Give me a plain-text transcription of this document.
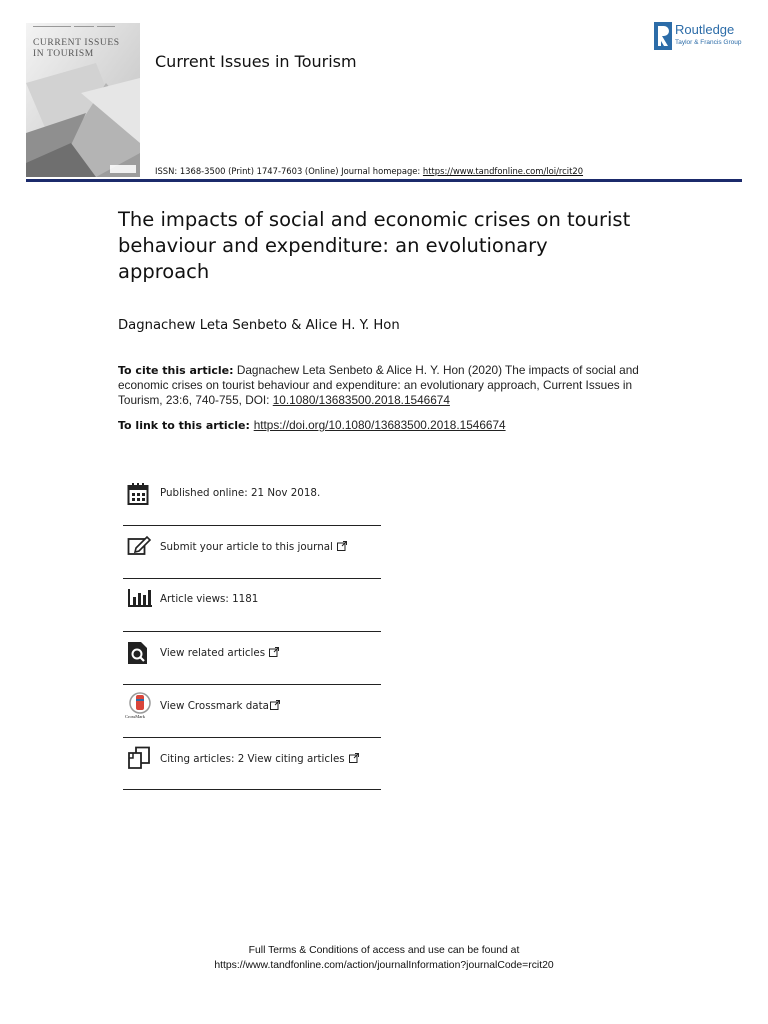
CURRENT ISSUES
IN TOURISM	Current Issues in Tourism
ISSN: 1368-3500 (Print) 1747-7603 (Online) Journal homepage: https://www.tandfonline.com/loi/rcit20
Routledge
Taylor & Francis Group
The impacts of social and economic crises on tourist behaviour and expenditure: an evolutionary approach
Dagnachew Leta Senbeto & Alice H. Y. Hon
To cite this article: Dagnachew Leta Senbeto & Alice H. Y. Hon (2020) The impacts of social and economic crises on tourist behaviour and expenditure: an evolutionary approach, Current Issues in Tourism, 23:6, 740-755, DOI: 10.1080/13683500.2018.1546674
To link to this article: https://doi.org/10.1080/13683500.2018.1546674
Published online: 21 Nov 2018.
Submit your article to this journal
Article views: 1181
View related articles
CrossMark
View Crossmark data
Citing articles: 2 View citing articles
Full Terms & Conditions of access and use can be found at
https://www.tandfonline.com/action/journalInformation?journalCode=rcit20
